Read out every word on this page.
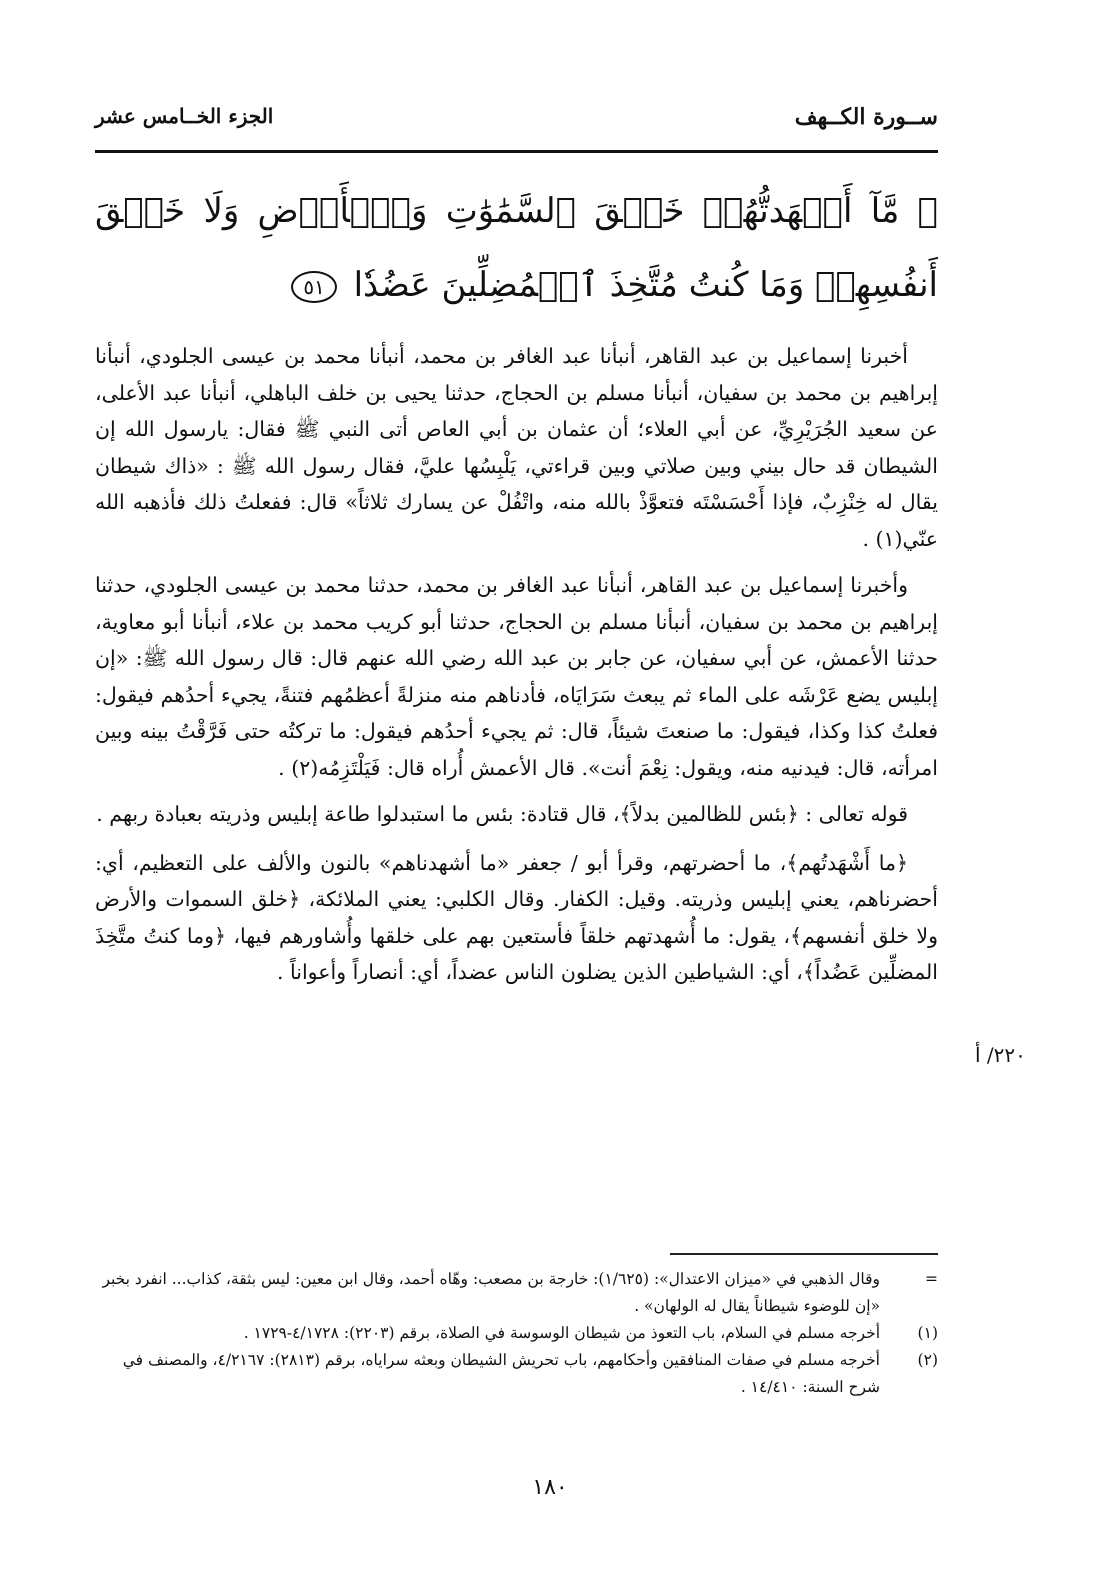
ســورة الكــهف
الجزء الخــامس عشر
۞ مَّآ أَشۡهَدتُّهُمۡ خَلۡقَ ٱلسَّمَٰوَٰتِ وَٱلۡأَرۡضِ وَلَا خَلۡقَ أَنفُسِهِمۡ وَمَا كُنتُ مُتَّخِذَ ٱلۡمُضِلِّينَ عَضُدٗا ٥١

أخبرنا إسماعيل بن عبد القاهر، أنبأنا عبد الغافر بن محمد، أنبأنا محمد بن عيسى الجلودي، أنبأنا إبراهيم بن محمد بن سفيان، أنبأنا مسلم بن الحجاج، حدثنا يحيى بن خلف الباهلي، أنبأنا عبد الأعلى، عن سعيد الجُرَيْرِيِّ، عن أبي العلاء؛ أن عثمان بن أبي العاص أتى النبي ﷺ فقال: يارسول الله إن الشيطان قد حال بيني وبين صلاتي وبين قراءتي، يَلْبِسُها عليَّ، فقال رسول الله ﷺ : «ذاك شيطان يقال له خِنْزِبٌ، فإذا أَحْسَسْتَه فتعوَّذْ بالله منه، واتْفُلْ عن يسارك ثلاثاً» قال: ففعلتُ ذلك فأذهبه الله عنّي(١) .

وأخبرنا إسماعيل بن عبد القاهر، أنبأنا عبد الغافر بن محمد، حدثنا محمد بن عيسى الجلودي، حدثنا إبراهيم بن محمد بن سفيان، أنبأنا مسلم بن الحجاج، حدثنا أبو كريب محمد بن علاء، أنبأنا أبو معاوية، حدثنا الأعمش، عن أبي سفيان، عن جابر بن عبد الله رضي الله عنهم قال: قال رسول الله ﷺ: «إن إبليس يضع عَرْشَه على الماء ثم يبعث سَرَايَاه، فأدناهم منه منزلةً أعظمُهم فتنةً، يجيء أحدُهم فيقول: فعلتُ كذا وكذا، فيقول: ما صنعتَ شيئاً، قال: ثم يجيء أحدُهم فيقول: ما تركتُه حتى فَرَّقْتُ بينه وبين امرأته، قال: فيدنيه منه، ويقول: نِعْمَ أنت». قال الأعمش أُراه قال: فَيَلْتَزِمُه(٢) .

قوله تعالى : ﴿بئس للظالمين بدلاً﴾، قال قتادة: بئس ما استبدلوا طاعة إبليس وذريته بعبادة ربهم .

﴿ما أَشْهَدتُهم﴾، ما أحضرتهم، وقرأ أبو / جعفر «ما أشهدناهم» بالنون والألف على التعظيم، أي: أحضرناهم، يعني إبليس وذريته. وقيل: الكفار. وقال الكلبي: يعني الملائكة، ﴿خلق السموات والأرض ولا خلق أنفسهم﴾، يقول: ما أُشهدتهم خلقاً فأستعين بهم على خلقها وأُشاورهم فيها، ﴿وما كنتُ متَّخِذَ المضلِّين عَضُداً﴾، أي: الشياطين الذين يضلون الناس عضداً، أي: أنصاراً وأعواناً .

٢٢٠/ أ
=
وقال الذهبي في «ميزان الاعتدال»: (١/٦٢٥): خارجة بن مصعب: وهّاه أحمد، وقال ابن معين: ليس بثقة، كذاب... انفرد بخبر «إن للوضوء شيطاناً يقال له الولهان» .
(١)
أخرجه مسلم في السلام، باب التعوذ من شيطان الوسوسة في الصلاة، برقم (٢٢٠٣): ٤/١٧٢٨-١٧٢٩ .
(٢)
أخرجه مسلم في صفات المنافقين وأحكامهم، باب تحريش الشيطان وبعثه سراياه، برقم (٢٨١٣): ٤/٢١٦٧، والمصنف في شرح السنة: ١٤/٤١٠ .
١٨٠
